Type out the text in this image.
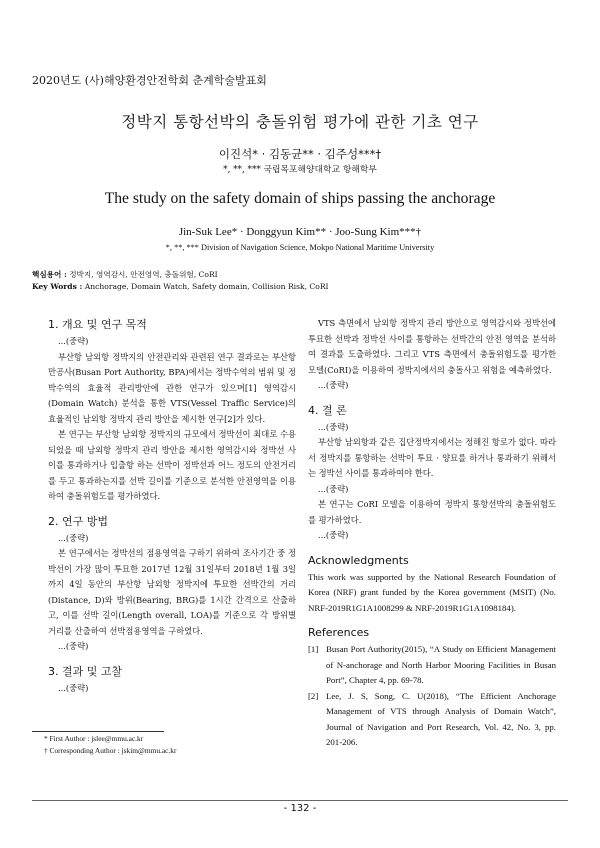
2020년도 (사)해양환경안전학회 춘계학술발표회
정박지 통항선박의 충돌위험 평가에 관한 기초 연구
이진석* · 김동균** · 김주성***†
*, **, *** 국립목포해양대학교 항해학부
The study on the safety domain of ships passing the anchorage
Jin-Suk Lee* · Donggyun Kim** · Joo-Sung Kim***†
*, **, *** Division of Navigation Science, Mokpo National Maritime University
핵심용어 : 정박지, 영역감시, 안전영역, 충돌위험, CoRI
Key Words : Anchorage, Domain Watch, Safety domain, Collision Risk, CoRI
1. 개요 및 연구 목적

...(중략)

부산항 남외항 정박지의 안전관리와 관련된 연구 결과로는 부산항만공사(Busan Port Authority, BPA)에서는 정박수역의 범위 및 정박수역의 효율적 관리방안에 관한 연구가 있으며[1] 영역감시(Domain Watch) 분석을 통한 VTS(Vessel Traffic Service)의 효율적인 남외항 정박지 관리 방안을 제시한 연구[2]가 있다.

본 연구는 부산항 남외항 정박지의 규모에서 정박선이 최대로 수용되었을 때 남외항 정박지 관리 방안을 제시한 영역감시와 정박선 사이를 통과하거나 입출항 하는 선박이 정박선과 어느 정도의 안전거리를 두고 통과하는지를 선박 길이를 기준으로 분석한 안전영역을 이용하여 충돌위험도를 평가하였다.

2. 연구 방법

...(중략)

본 연구에서는 정박선의 점용영역을 구하기 위하여 조사기간 중 정박선이 가장 많이 투묘한 2017년 12월 31일부터 2018년 1월 3일까지 4일 동안의 부산항 남외항 정박지에 투묘한 선박간의 거리(Distance, D)와 방위(Bearing, BRG)를 1시간 간격으로 산출하고, 이를 선박 길이(Length overall, LOA)를 기준으로 각 방위별 거리를 산출하여 선박점용영역을 구하였다.

...(중략)

3. 결과 및 고찰

...(중략)

VTS 측면에서 남외항 정박지 관리 방안으로 영역감시와 정박선에 투묘한 선박과 정박선 사이를 통항하는 선박간의 안전 영역을 분석하여 결과를 도출하였다. 그리고 VTS 측면에서 충돌위험도를 평가한 모델(CoRI)을 이용하여 정박지에서의 충돌사고 위험을 예측하였다.

...(중략)

4. 결 론

...(중략)

부산항 남외항과 같은 집단정박지에서는 정해진 항로가 없다. 따라서 정박지를 통항하는 선박이 투묘 · 양묘를 하거나 통과하기 위해서는 정박선 사이를 통과하여야 한다.

...(중략)

본 연구는 CoRI 모델을 이용하여 정박지 통항선박의 충돌위험도를 평가하였다.

...(중략)

Acknowledgments

This work was supported by the National Research Foundation of Korea (NRF) grant funded by the Korea government (MSIT) (No. NRF-2019R1G1A1008299 & NRF-2019R1G1A1098184).

References
[1] Busan Port Authority(2015), “A Study on Efficient Management of N-anchorage and North Harbor Mooring Facilities in Busan Port”, Chapter 4, pp. 69-78.
[2] Lee, J. S, Song, C. U(2018), “The Efficient Anchorage Management of VTS through Analysis of Domain Watch”, Journal of Navigation and Port Research, Vol. 42, No. 3, pp. 201-206.
* First Author : jslee@mmu.ac.kr
† Corresponding Author : jskim@mmu.ac.kr
- 132 -
